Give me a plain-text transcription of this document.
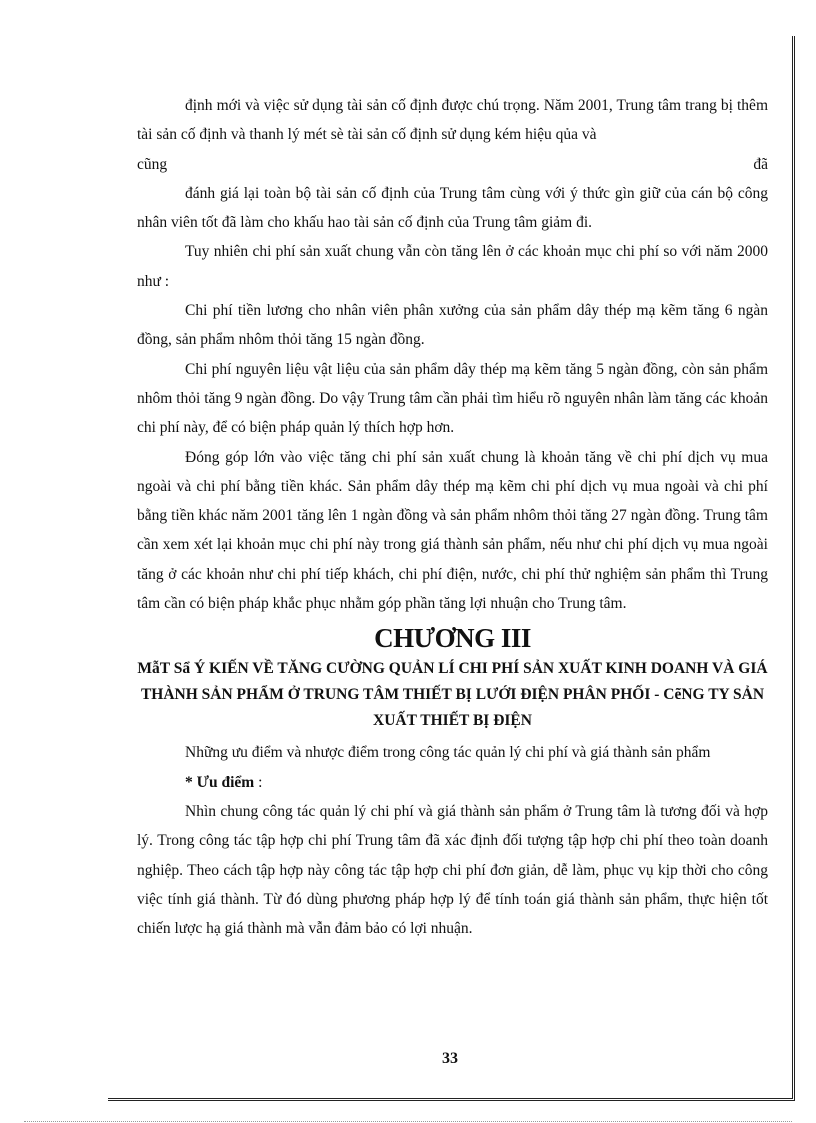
định mới và việc sử dụng tài sản cố định được chú trọng. Năm 2001, Trung tâm trang bị thêm tài sản cố định và thanh lý mét sè tài sản cố định sử dụng kém hiệu qủa và

cũng	đã

đánh giá lại toàn bộ tài sản cố định của Trung tâm cùng với ý thức gìn giữ của cán bộ công nhân viên tốt đã làm cho khấu hao tài sản cố định của Trung tâm giảm đi.

Tuy nhiên chi phí sản xuất chung vẫn còn tăng lên ở các khoản mục chi phí so với năm 2000 như :

Chi phí tiền lương cho nhân viên phân xưởng của sản phẩm dây thép mạ kẽm tăng 6 ngàn đồng, sản phẩm nhôm thỏi tăng 15 ngàn đồng.

Chi phí nguyên liệu vật liệu của sản phẩm dây thép mạ kẽm tăng 5 ngàn đồng, còn sản phẩm nhôm thỏi tăng 9 ngàn đồng. Do vậy Trung tâm cần phải tìm hiểu rõ nguyên nhân làm tăng các khoản chi phí này, để có biện pháp quản lý thích hợp hơn.

Đóng góp lớn vào việc tăng chi phí sản xuất chung là khoản tăng về chi phí dịch vụ mua ngoài và chi phí bằng tiền khác. Sản phẩm dây thép mạ kẽm chi phí dịch vụ mua ngoài và chi phí bằng tiền khác năm 2001 tăng lên 1 ngàn đồng và sản phẩm nhôm thỏi tăng 27 ngàn đồng. Trung tâm cần xem xét lại khoản mục chi phí này trong giá thành sản phẩm, nếu như chi phí dịch vụ mua ngoài tăng ở các khoản như chi phí tiếp khách, chi phí điện, nước, chi phí thử nghiệm sản phẩm thì Trung tâm cần có biện pháp khắc phục nhằm góp phần tăng lợi nhuận cho Trung tâm.

CHƯƠNG III
MẫT Sẩ Ý KIẾN VỀ TĂNG CƯỜNG QUẢN LÍ CHI PHÍ SẢN XUẤT KINH DOANH VÀ GIÁ THÀNH SẢN PHẨM Ở TRUNG TÂM THIẾT BỊ LƯỚI ĐIỆN PHÂN PHỐI - CẽNG TY SẢN XUẤT THIẾT BỊ ĐIỆN

Những ưu điểm và nhược điểm trong công tác quản lý chi phí và giá thành sản phẩm

* Ưu điểm :

Nhìn chung công tác quản lý chi phí và giá thành sản phẩm ở Trung tâm là tương đối và hợp lý. Trong công tác tập hợp chi phí Trung tâm đã xác định đối tượng tập hợp chi phí theo toàn doanh nghiệp. Theo cách tập hợp này công tác tập hợp chi phí đơn giản, dễ làm, phục vụ kịp thời cho công việc tính giá thành. Từ đó dùng phương pháp hợp lý để tính toán giá thành sản phẩm, thực hiện tốt chiến lược hạ giá thành mà vẫn đảm bảo có lợi nhuận.

33
